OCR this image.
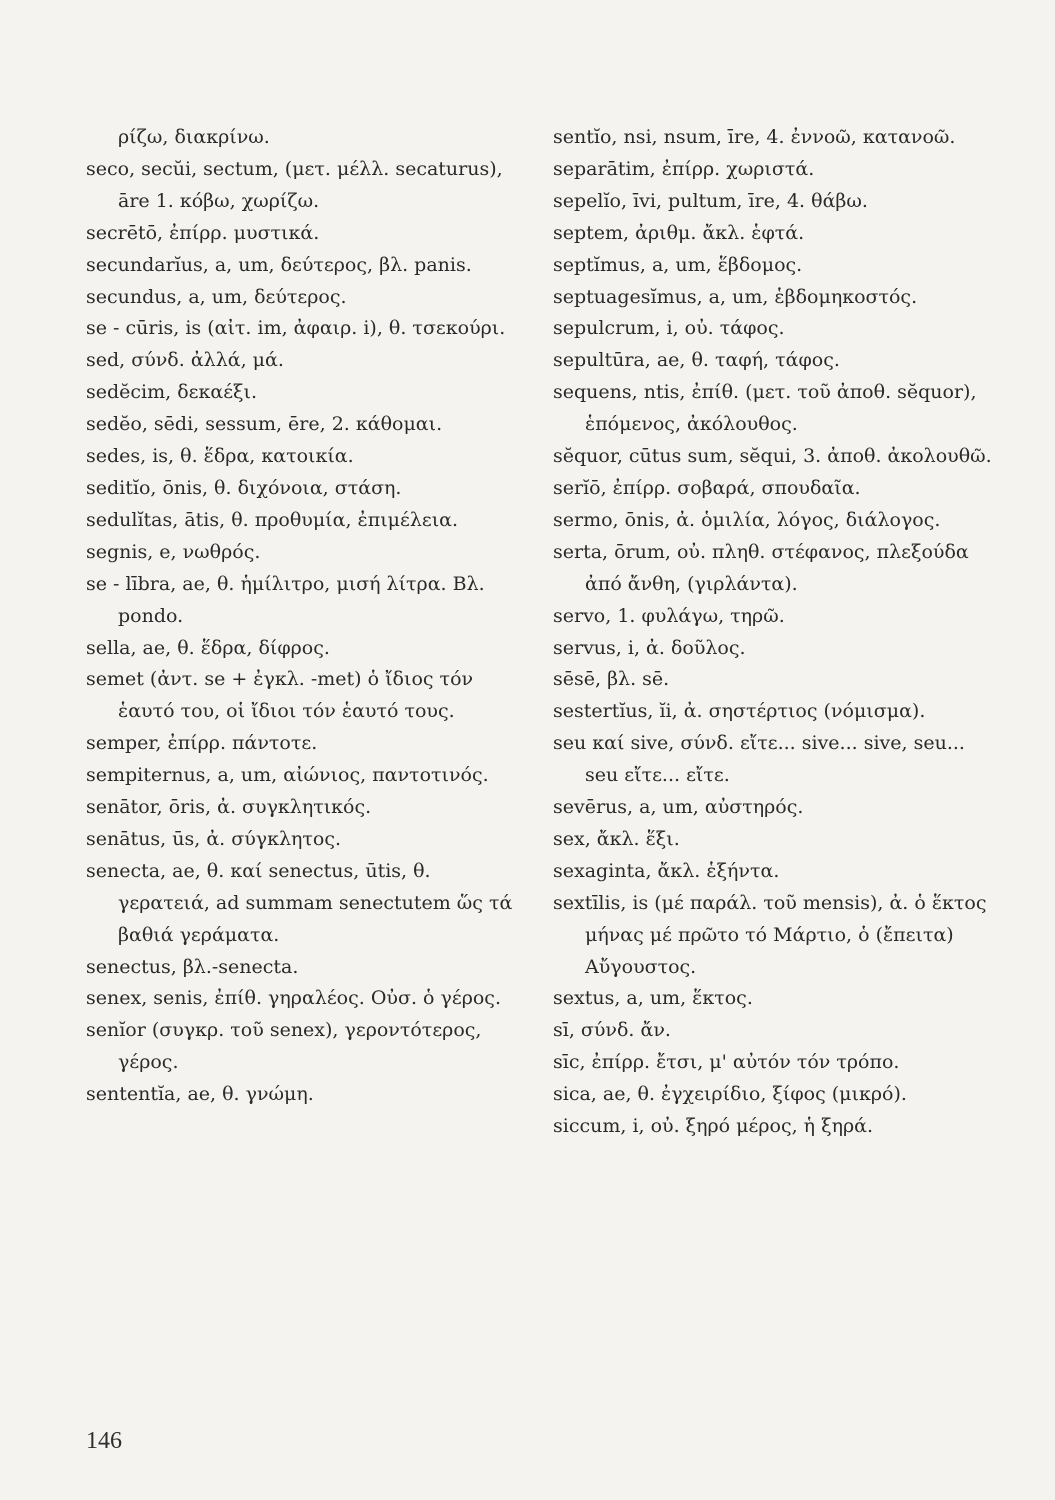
ρίζω, διακρίνω.

seco, secŭi, sectum, (μετ. μέλλ. secaturus), āre 1. κόβω, χωρίζω.

secrētō, ἐπίρρ. μυστικά.

secundarĭus, a, um, δεύτερος, βλ. panis.

secundus, a, um, δεύτερος.

se - cūris, is (αἰτ. im, ἀφαιρ. i), θ. τσεκούρι.

sed, σύνδ. ἀλλά, μά.

sedĕcim, δεκαέξι.

sedĕo, sēdi, sessum, ēre, 2. κάθομαι.

sedes, is, θ. ἕδρα, κατοικία.

seditĭo, ōnis, θ. διχόνοια, στάση.

sedulĭtas, ātis, θ. προθυμία, ἐπιμέλεια.

segnis, e, νωθρός.

se - lībra, ae, θ. ἡμίλιτρο, μισή λίτρα. Βλ. pondo.

sella, ae, θ. ἕδρα, δίφρος.

semet (ἀντ. se + ἐγκλ. -met) ὁ ἴδιος τόν ἑαυτό του, οἱ ἴδιοι τόν ἑαυτό τους.

semper, ἐπίρρ. πάντοτε.

sempiternus, a, um, αἰώνιος, παντοτινός.

senātor, ōris, ἀ. συγκλητικός.

senātus, ūs, ἀ. σύγκλητος.

senecta, ae, θ. καί senectus, ūtis, θ. γερατειά, ad summam senectutem ὥς τά βαθιά γεράματα.

senectus, βλ.-senecta.

senex, senis, ἐπίθ. γηραλέος. Οὐσ. ὁ γέρος.

senĭor (συγκρ. τοῦ senex), γεροντότερος, γέρος.

sententĭa, ae, θ. γνώμη.

sentĭo, nsi, nsum, īre, 4. ἐννοῶ, κατανοῶ.

separātim, ἐπίρρ. χωριστά.

sepelĭo, īvi, pultum, īre, 4. θάβω.

septem, ἀριθμ. ἄκλ. ἑφτά.

septĭmus, a, um, ἕβδομος.

septuagesĭmus, a, um, ἑβδομηκοστός.

sepulcrum, i, οὐ. τάφος.

sepultūra, ae, θ. ταφή, τάφος.

sequens, ntis, ἐπίθ. (μετ. τοῦ ἀποθ. sĕquor), ἑπόμενος, ἀκόλουθος.

sĕquor, cūtus sum, sĕqui, 3. ἀποθ. ἀκολουθῶ.

serĭō, ἐπίρρ. σοβαρά, σπουδαῖα.

sermo, ōnis, ἀ. ὁμιλία, λόγος, διάλογος.

serta, ōrum, οὐ. πληθ. στέφανος, πλεξούδα ἀπό ἄνθη, (γιρλάντα).

servo, 1. φυλάγω, τηρῶ.

servus, i, ἀ. δοῦλος.

sēsē, βλ. sē.

sestertĭus, ĭi, ἀ. σηστέρτιος (νόμισμα).

seu καί sive, σύνδ. εἴτε... sive... sive, seu... seu εἴτε... εἴτε.

sevērus, a, um, αὐστηρός.

sex, ἄκλ. ἕξι.

sexaginta, ἄκλ. ἑξήντα.

sextīlis, is (μέ παράλ. τοῦ mensis), ἀ. ὁ ἕκτος μήνας μέ πρῶτο τό Μάρτιο, ὁ (ἔπειτα) Αὔγουστος.

sextus, a, um, ἕκτος.

sī, σύνδ. ἄν.

sīc, ἐπίρρ. ἔτσι, μ' αὐτόν τόν τρόπο.

sica, ae, θ. ἐγχειρίδιο, ξίφος (μικρό).

siccum, i, οὐ. ξηρό μέρος, ἡ ξηρά.

146
